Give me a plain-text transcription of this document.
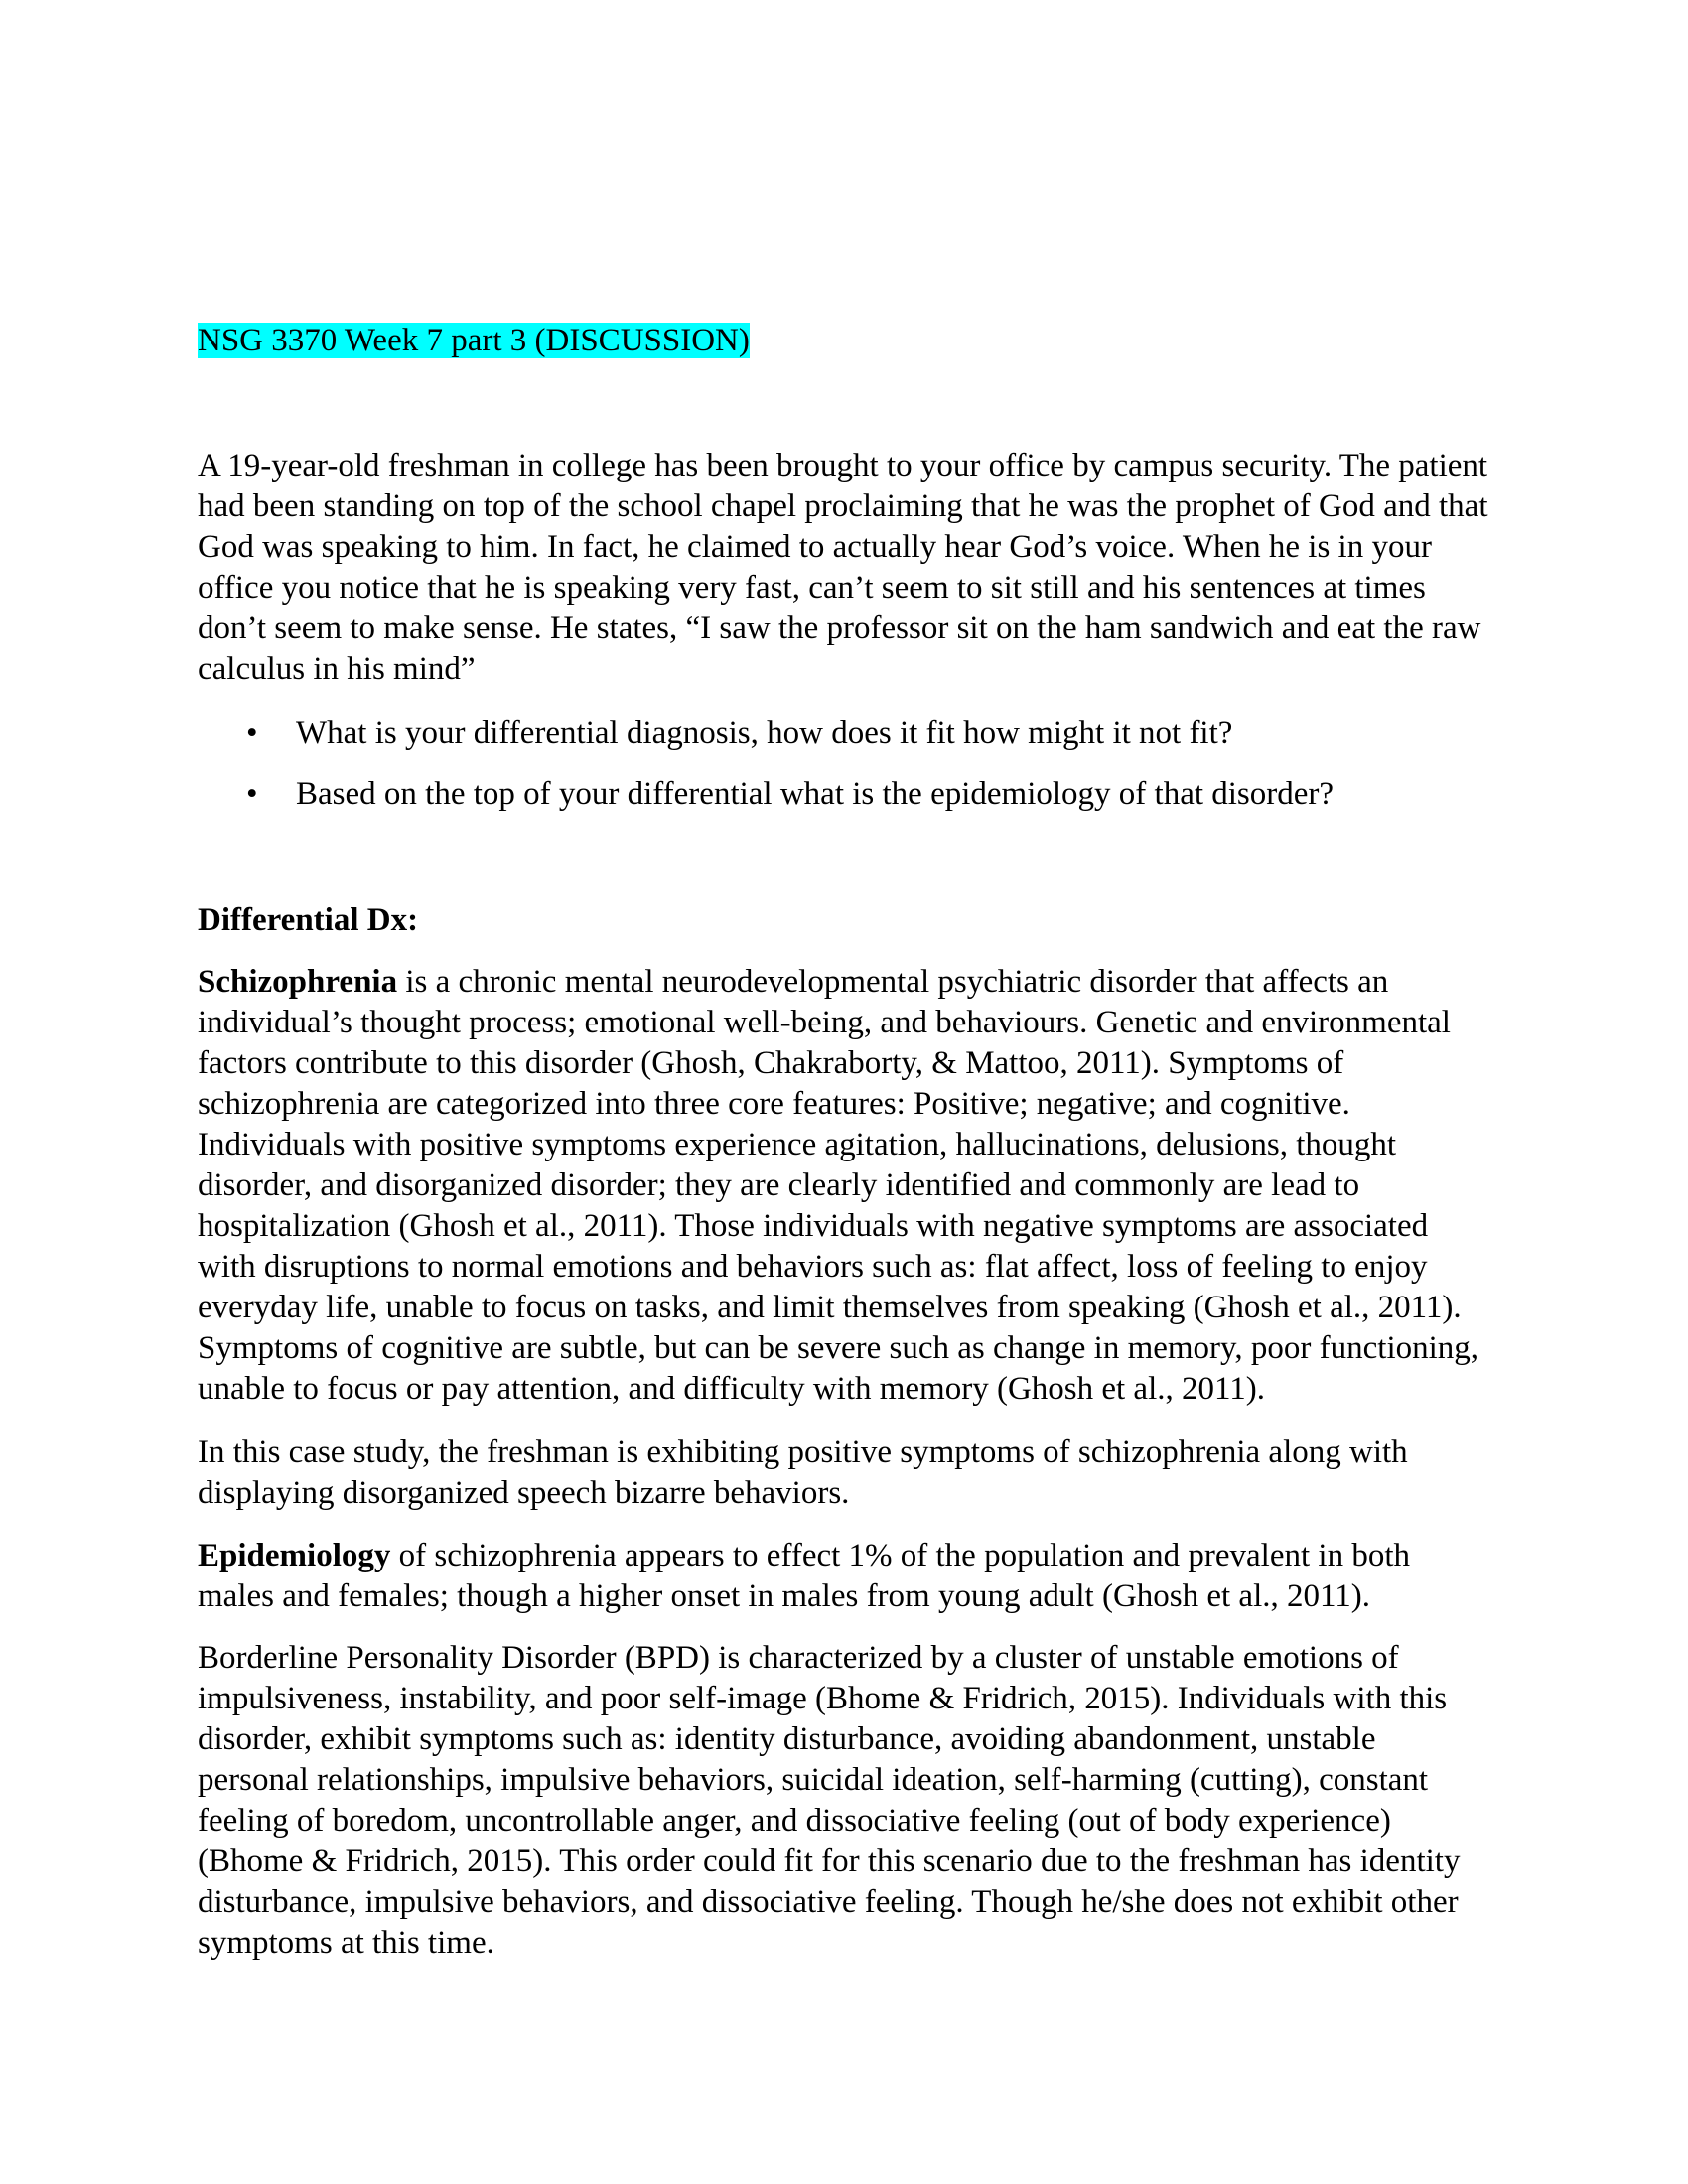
NSG 3370 Week 7 part 3 (DISCUSSION)

A 19-year-old freshman in college has been brought to your office by campus security. The patient had been standing on top of the school chapel proclaiming that he was the prophet of God and that God was speaking to him. In fact, he claimed to actually hear God’s voice. When he is in your office you notice that he is speaking very fast, can’t seem to sit still and his sentences at times don’t seem to make sense. He states, “I saw the professor sit on the ham sandwich and eat the raw calculus in his mind”

• What is your differential diagnosis, how does it fit how might it not fit?
• Based on the top of your differential what is the epidemiology of that disorder?

Differential Dx:

Schizophrenia is a chronic mental neurodevelopmental psychiatric disorder that affects an individual’s thought process; emotional well-being, and behaviours. Genetic and environmental factors contribute to this disorder (Ghosh, Chakraborty, & Mattoo, 2011). Symptoms of schizophrenia are categorized into three core features: Positive; negative; and cognitive. Individuals with positive symptoms experience agitation, hallucinations, delusions, thought disorder, and disorganized disorder; they are clearly identified and commonly are lead to hospitalization (Ghosh et al., 2011). Those individuals with negative symptoms are associated with disruptions to normal emotions and behaviors such as: flat affect, loss of feeling to enjoy everyday life, unable to focus on tasks, and limit themselves from speaking (Ghosh et al., 2011). Symptoms of cognitive are subtle, but can be severe such as change in memory, poor functioning, unable to focus or pay attention, and difficulty with memory (Ghosh et al., 2011).

In this case study, the freshman is exhibiting positive symptoms of schizophrenia along with displaying disorganized speech bizarre behaviors.

Epidemiology of schizophrenia appears to effect 1% of the population and prevalent in both males and females; though a higher onset in males from young adult (Ghosh et al., 2011).

Borderline Personality Disorder (BPD) is characterized by a cluster of unstable emotions of impulsiveness, instability, and poor self-image (Bhome & Fridrich, 2015). Individuals with this disorder, exhibit symptoms such as: identity disturbance, avoiding abandonment, unstable personal relationships, impulsive behaviors, suicidal ideation, self-harming (cutting), constant feeling of boredom, uncontrollable anger, and dissociative feeling (out of body experience) (Bhome & Fridrich, 2015). This order could fit for this scenario due to the freshman has identity disturbance, impulsive behaviors, and dissociative feeling. Though he/she does not exhibit other symptoms at this time.
